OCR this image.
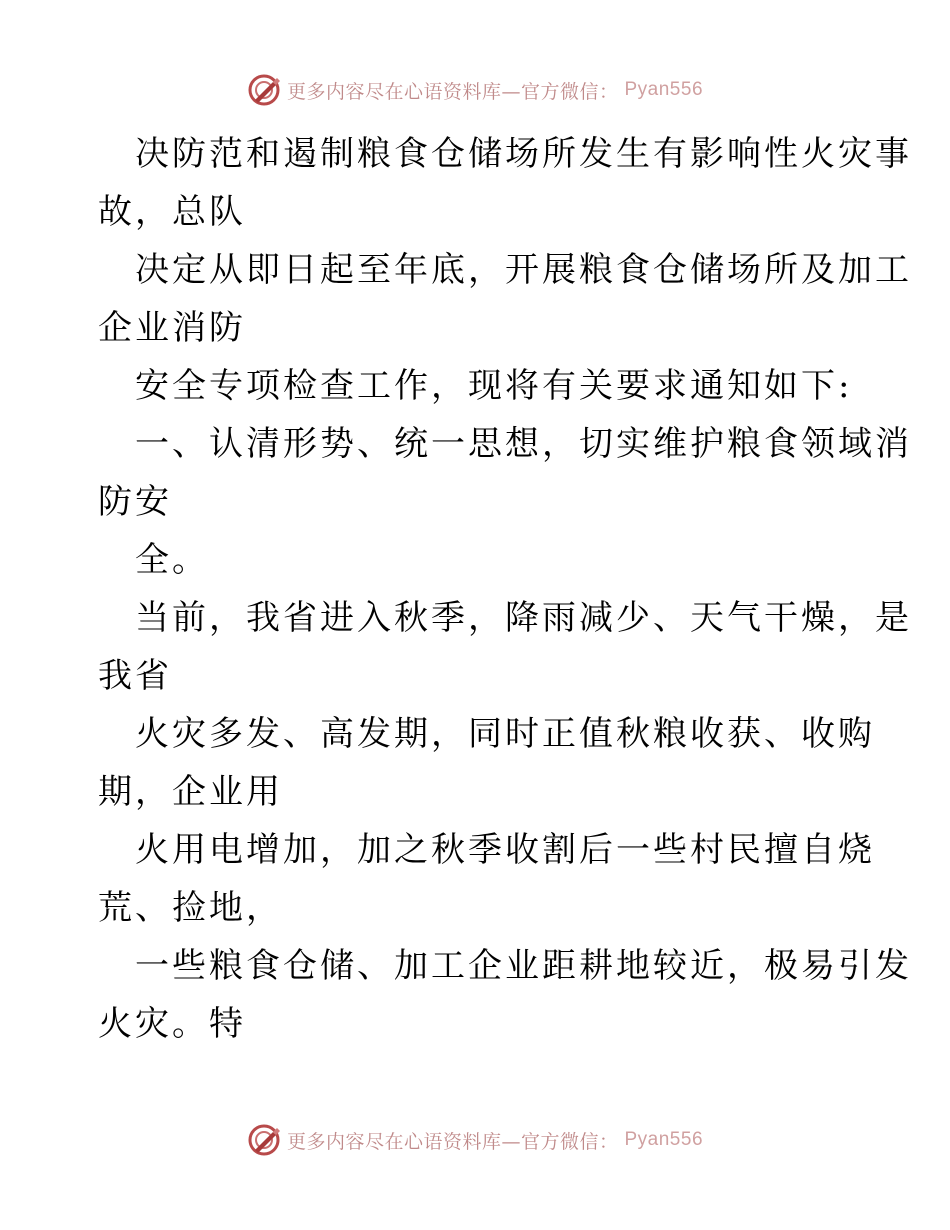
更多内容尽在心语资料库—官方微信： Pyan556
决防范和遏制粮食仓储场所发生有影响性火灾事
故，总队
决定从即日起至年底，开展粮食仓储场所及加工
企业消防
安全专项检查工作，现将有关要求通知如下:
一、认清形势、统一思想，切实维护粮食领域消
防安
全。
当前，我省进入秋季，降雨减少、天气干燥，是
我省
火灾多发、高发期，同时正值秋粮收获、收购
期，企业用
火用电增加，加之秋季收割后一些村民擅自烧
荒、捡地，
一些粮食仓储、加工企业距耕地较近，极易引发
火灾。特
更多内容尽在心语资料库—官方微信： Pyan556
